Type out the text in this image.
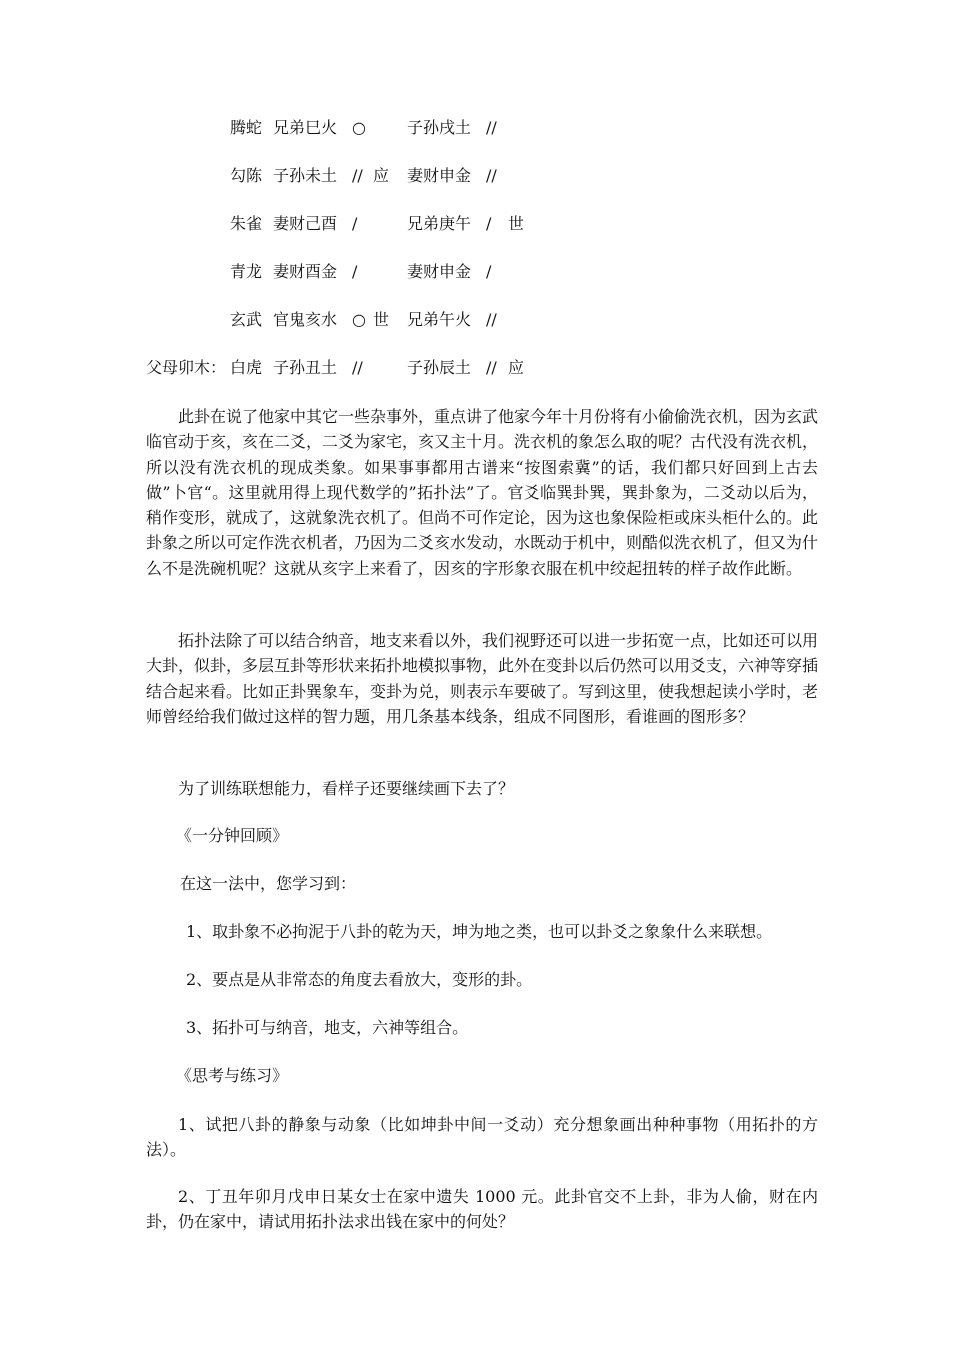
腾蛇 兄弟巳火 ○	子孙戌土 //
勾陈 子孙未土 // 应 妻财申金 //
朱雀 妻财己酉 /	兄弟庚午 / 世
青龙 妻财酉金 /	妻财申金 /
玄武 官鬼亥水 ○ 世 兄弟午火 //
父母卯木： 白虎 子孙丑土 //	子孙辰土 // 应

此卦在说了他家中其它一些杂事外，重点讲了他家今年十月份将有小偷偷洗衣机，因为玄武临官动于亥，亥在二爻，二爻为家宅，亥又主十月。洗衣机的象怎么取的呢？古代没有洗衣机，所以没有洗衣机的现成类象。如果事事都用古谱来“按图索冀”的话，我们都只好回到上古去做”卜官“。这里就用得上现代数学的”拓扑法”了。官爻临巽卦巽，巽卦象为，二爻动以后为，稍作变形，就成了，这就象洗衣机了。但尚不可作定论，因为这也象保险柜或床头柜什么的。此卦象之所以可定作洗衣机者，乃因为二爻亥水发动，水既动于机中，则酷似洗衣机了，但又为什么不是洗碗机呢？这就从亥字上来看了，因亥的字形象衣服在机中绞起扭转的样子故作此断。

拓扑法除了可以结合纳音，地支来看以外，我们视野还可以进一步拓宽一点，比如还可以用大卦，似卦，多层互卦等形状来拓扑地模拟事物，此外在变卦以后仍然可以用爻支，六神等穿插结合起来看。比如正卦巽象车，变卦为兑，则表示车要破了。写到这里，使我想起读小学时，老师曾经给我们做过这样的智力题，用几条基本线条，组成不同图形，看谁画的图形多？

为了训练联想能力，看样子还要继续画下去了？

《一分钟回顾》

在这一法中，您学习到：

1、取卦象不必拘泥于八卦的乾为天，坤为地之类，也可以卦爻之象象什么来联想。

2、要点是从非常态的角度去看放大，变形的卦。

3、拓扑可与纳音，地支，六神等组合。

《思考与练习》

1、试把八卦的静象与动象（比如坤卦中间一爻动）充分想象画出种种事物（用拓扑的方法）。

2、丁丑年卯月戊申日某女士在家中遗失 1000 元。此卦官交不上卦，非为人偷，财在内卦，仍在家中，请试用拓扑法求出钱在家中的何处？
